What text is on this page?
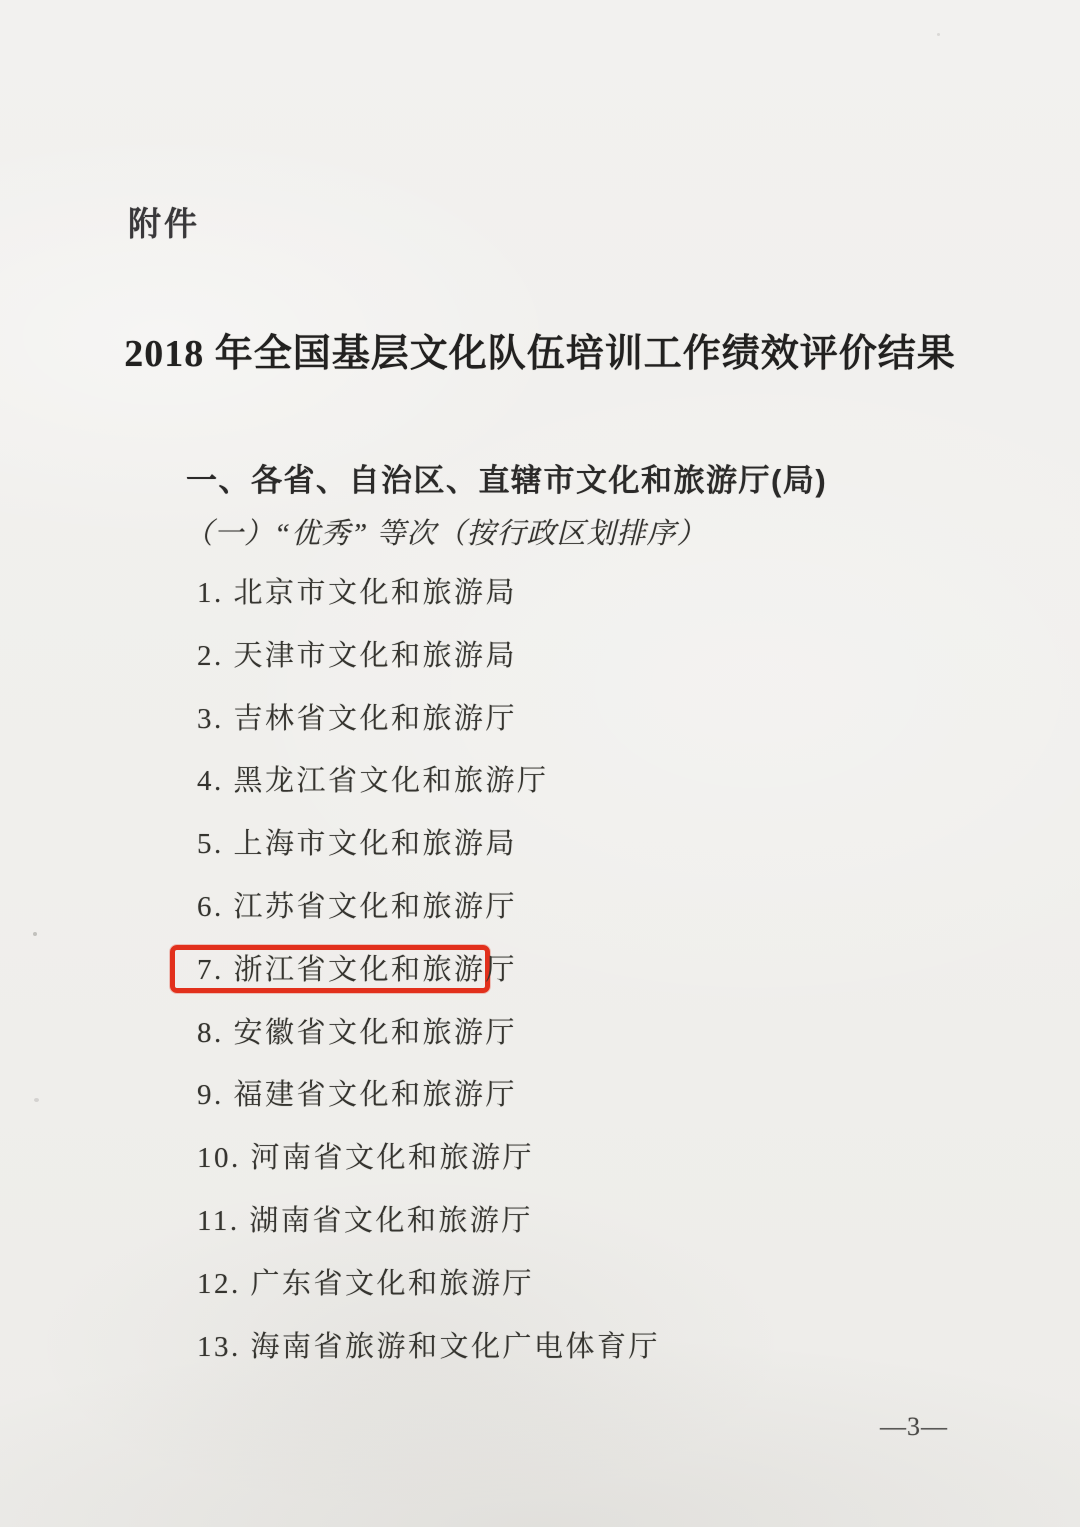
附件
2018 年全国基层文化队伍培训工作绩效评价结果
一、各省、自治区、直辖市文化和旅游厅(局)
（一）“优秀” 等次（按行政区划排序）
1. 北京市文化和旅游局
2. 天津市文化和旅游局
3. 吉林省文化和旅游厅
4. 黑龙江省文化和旅游厅
5. 上海市文化和旅游局
6. 江苏省文化和旅游厅
7. 浙江省文化和旅游厅
8. 安徽省文化和旅游厅
9. 福建省文化和旅游厅
10. 河南省文化和旅游厅
11. 湖南省文化和旅游厅
12. 广东省文化和旅游厅
13. 海南省旅游和文化广电体育厅
—3—
